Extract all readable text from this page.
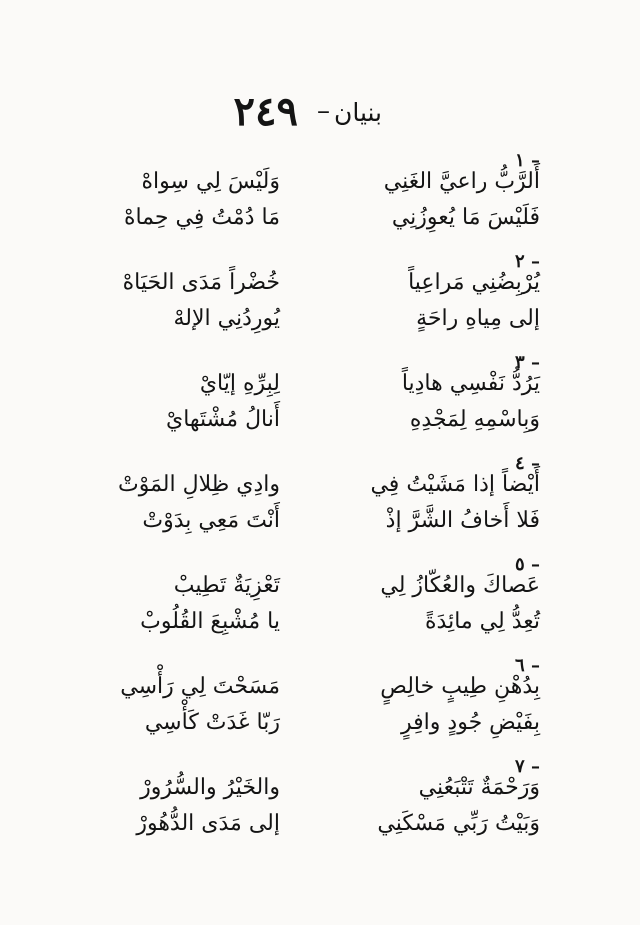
بنيان
–
٢٤٩
١ –
أَلرَّبُّ راعيَّ الغَنِي
وَلَيْسَ لِي سِواهْ
فَلَيْسَ مَا يُعوِزُنِي
مَا دُمْتُ فِي حِماهْ
٢ –
يُرْبِضُنِي مَراعِياً
خُضْراً مَدَى الحَيَاهْ
إلى مِياهِ راحَةٍ
يُورِدُنِي الإلهْ
٣ –
يَرُدُّ نَفْسِي هادِياً
لِبِرِّهِ إيّايْ
وَبِاسْمِهِ لِمَجْدِهِ
أَنالُ مُشْتَهايْ
٤ –
أَيْضاً إذا مَشَيْتُ فِي
وادِي ظِلالِ المَوْتْ
فَلا أَخافُ الشَّرَّ إذْ
أَنْتَ مَعِي بِدَوْتْ
٥ –
عَصاكَ والعُكّازُ لِي
تَعْزِيَةٌ تَطِيبْ
تُعِدُّ لِي مائِدَةً
يا مُشْبِعَ القُلُوبْ
٦ –
بِدُهْنِ طِيبٍ خالِصٍ
مَسَحْتَ لِي رَأْسِي
بِفَيْضِ جُودٍ وافِرٍ
رَبّا غَدَتْ كَأْسِي
٧ –
وَرَحْمَةٌ تَتْبَعُنِي
والخَيْرُ والسُّرُورْ
وَبَيْتُ رَبِّي مَسْكَنِي
إلى مَدَى الدُّهُورْ
